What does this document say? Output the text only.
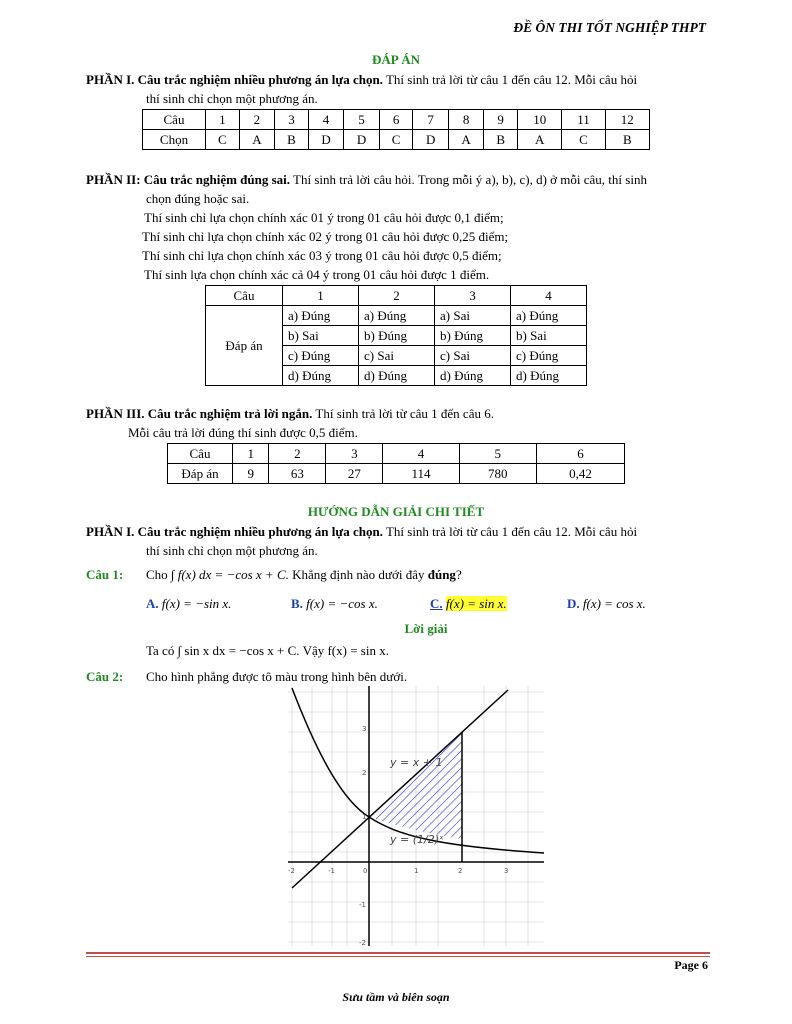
ĐỀ ÔN THI TỐT NGHIỆP THPT
ĐÁP ÁN
PHẦN I. Câu trắc nghiệm nhiều phương án lựa chọn. Thí sinh trả lời từ câu 1 đến câu 12. Mỗi câu hỏi
thí sinh chỉ chọn một phương án.
Câu	1	2	3	4	5	6	7	8	9	10	11	12
Chọn	C	A	B	D	D	C	D	A	B	A	C	B
PHẦN II: Câu trắc nghiệm đúng sai. Thí sinh trả lời câu hỏi. Trong mỗi ý a), b), c), d) ở mỗi câu, thí sinh
chọn đúng hoặc sai.
Thí sinh chỉ lựa chọn chính xác 01 ý trong 01 câu hỏi được 0,1 điểm;
Thí sinh chỉ lựa chọn chính xác 02 ý trong 01 câu hỏi được 0,25 điểm;
Thí sinh chỉ lựa chọn chính xác 03 ý trong 01 câu hỏi được 0,5 điểm;
Thí sinh lựa chọn chính xác cả 04 ý trong 01 câu hỏi được 1 điểm.
Câu	1	2	3	4
Đáp án	a) Đúng	a) Đúng	a) Sai	a) Đúng
	b) Sai	b) Đúng	b) Đúng	b) Sai
	c) Đúng	c) Sai	c) Sai	c) Đúng
	d) Đúng	d) Đúng	d) Đúng	d) Đúng
PHẦN III. Câu trắc nghiệm trả lời ngắn. Thí sinh trả lời từ câu 1 đến câu 6.
Mỗi câu trả lời đúng thí sinh được 0,5 điểm.
Câu	1	2	3	4	5	6
Đáp án	9	63	27	114	780	0,42
HƯỚNG DẪN GIẢI CHI TIẾT
PHẦN I. Câu trắc nghiệm nhiều phương án lựa chọn. Thí sinh trả lời từ câu 1 đến câu 12. Mỗi câu hỏi
thí sinh chỉ chọn một phương án.
Câu 1: Cho ∫ f(x) dx = −cos x + C. Khẳng định nào dưới đây đúng?
A. f(x) = −sin x.	B. f(x) = −cos x.	C. f(x) = sin x.	D. f(x) = cos x.
Lời giải
Ta có ∫ sin x dx = −cos x + C. Vậy f(x) = sin x.
Câu 2: Cho hình phẳng được tô màu trong hình bên dưới.
y = x + 1
y = (1/2)ˣ
-2	-1	0	1	2	3
3
2
1
-1
-2
Page 6
Sưu tầm và biên soạn
